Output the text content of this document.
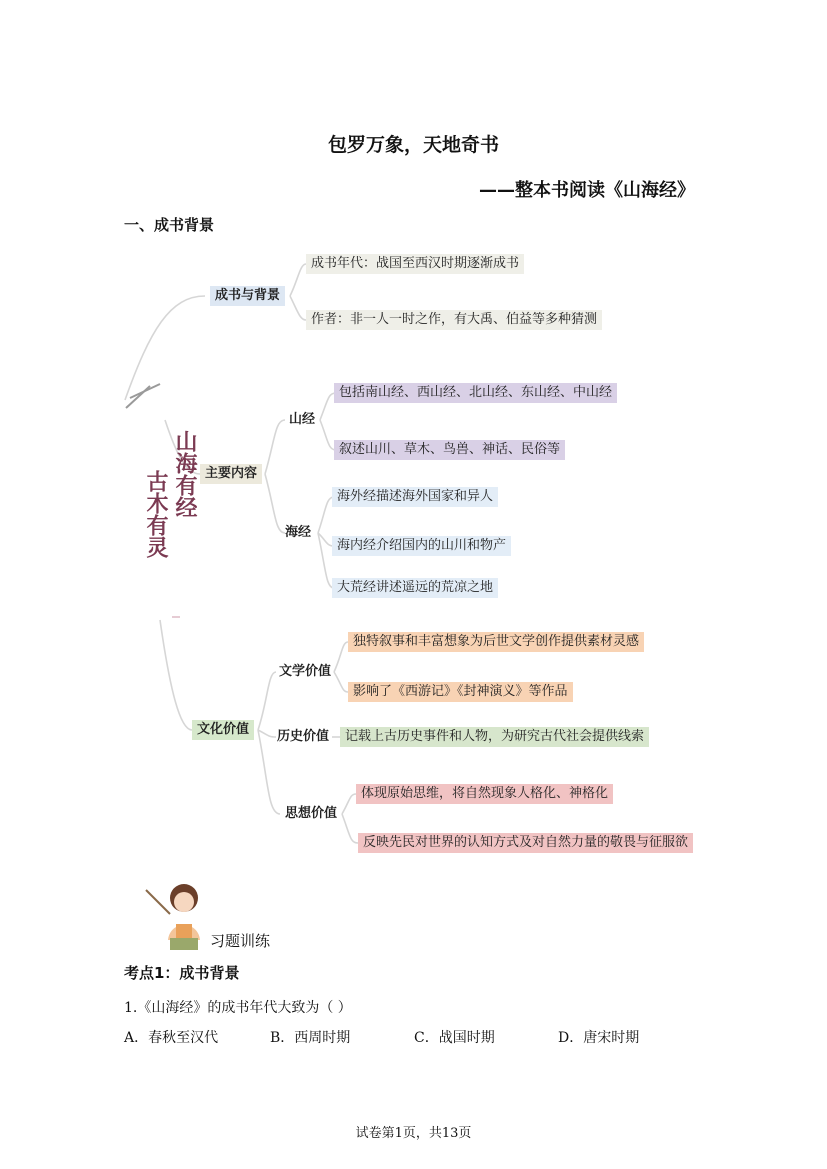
包罗万象，天地奇书
——整本书阅读《山海经》
一、成书背景
山海有经
古木有灵
成书与背景
成书年代：战国至西汉时期逐渐成书
作者：非一人一时之作，有大禹、伯益等多种猜测
主要内容
山经
包括南山经、西山经、北山经、东山经、中山经
叙述山川、草木、鸟兽、神话、民俗等
海经
海外经描述海外国家和异人
海内经介绍国内的山川和物产
大荒经讲述遥远的荒凉之地
文化价值
文学价值
独特叙事和丰富想象为后世文学创作提供素材灵感
影响了《西游记》《封神演义》等作品
历史价值	记载上古历史事件和人物，为研究古代社会提供线索
思想价值
体现原始思维，将自然现象人格化、神格化
反映先民对世界的认知方式及对自然力量的敬畏与征服欲
习题训练
考点1：成书背景
1.《山海经》的成书年代大致为（ ）
A．春秋至汉代	B．西周时期	C．战国时期	D．唐宋时期
试卷第1页，共13页
